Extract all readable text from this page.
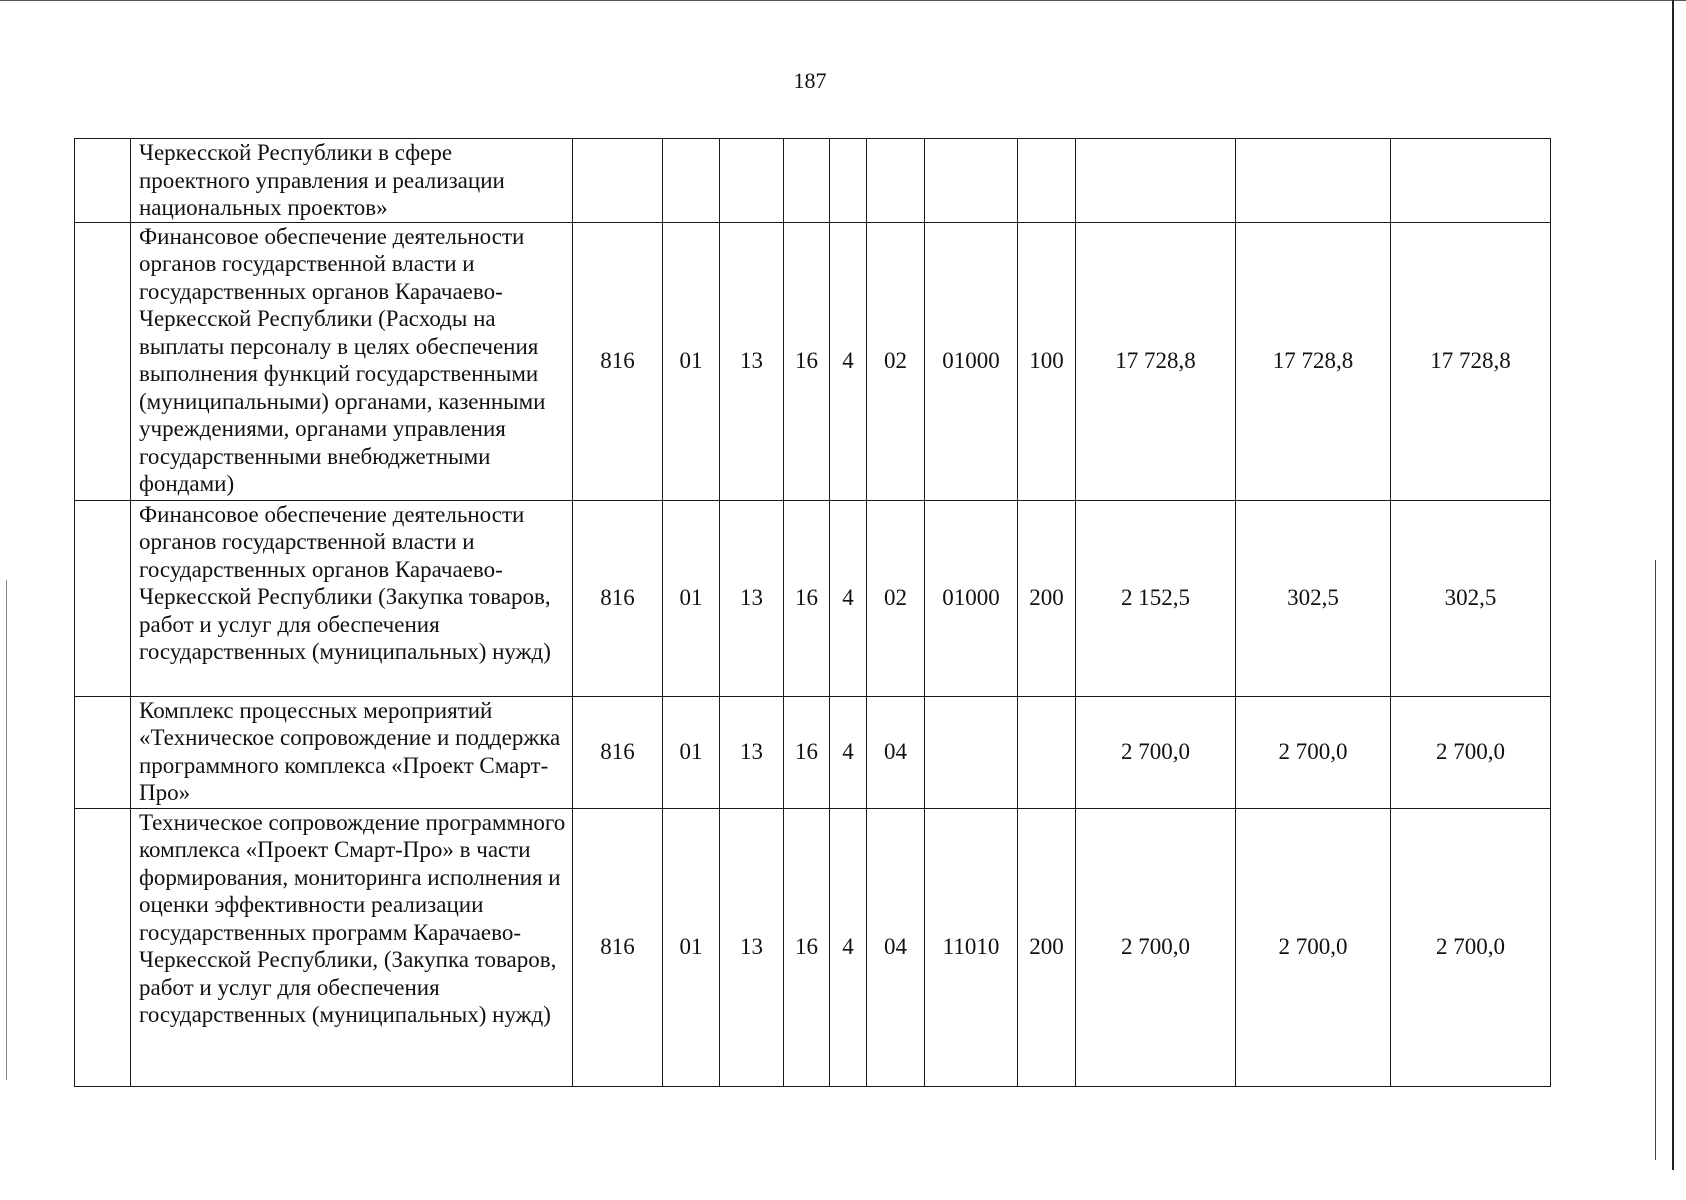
187
	Черкесской Республики в сфере проектного управления и реализации национальных проектов»											
	Финансовое обеспечение деятельности органов государственной власти и государственных органов Карачаево-Черкесской Республики (Расходы на выплаты персоналу в целях обеспечения выполнения функций государственными (муниципальными) органами, казенными учреждениями, органами управления государственными внебюджетными фондами)	816	01	13	16	4	02	01000	100	17 728,8	17 728,8	17 728,8
	Финансовое обеспечение деятельности органов государственной власти и государственных органов Карачаево-Черкесской Республики (Закупка товаров, работ и услуг для обеспечения государственных (муниципальных) нужд)	816	01	13	16	4	02	01000	200	2 152,5	302,5	302,5
	Комплекс процессных мероприятий «Техническое сопровождение и поддержка программного комплекса «Проект Смарт-Про»	816	01	13	16	4	04			2 700,0	2 700,0	2 700,0
	Техническое сопровождение программного комплекса «Проект Смарт-Про» в части формирования, мониторинга исполнения и оценки эффективности реализации государственных программ Карачаево-Черкесской Республики, (Закупка товаров, работ и услуг для обеспечения государственных (муниципальных) нужд)	816	01	13	16	4	04	11010	200	2 700,0	2 700,0	2 700,0
